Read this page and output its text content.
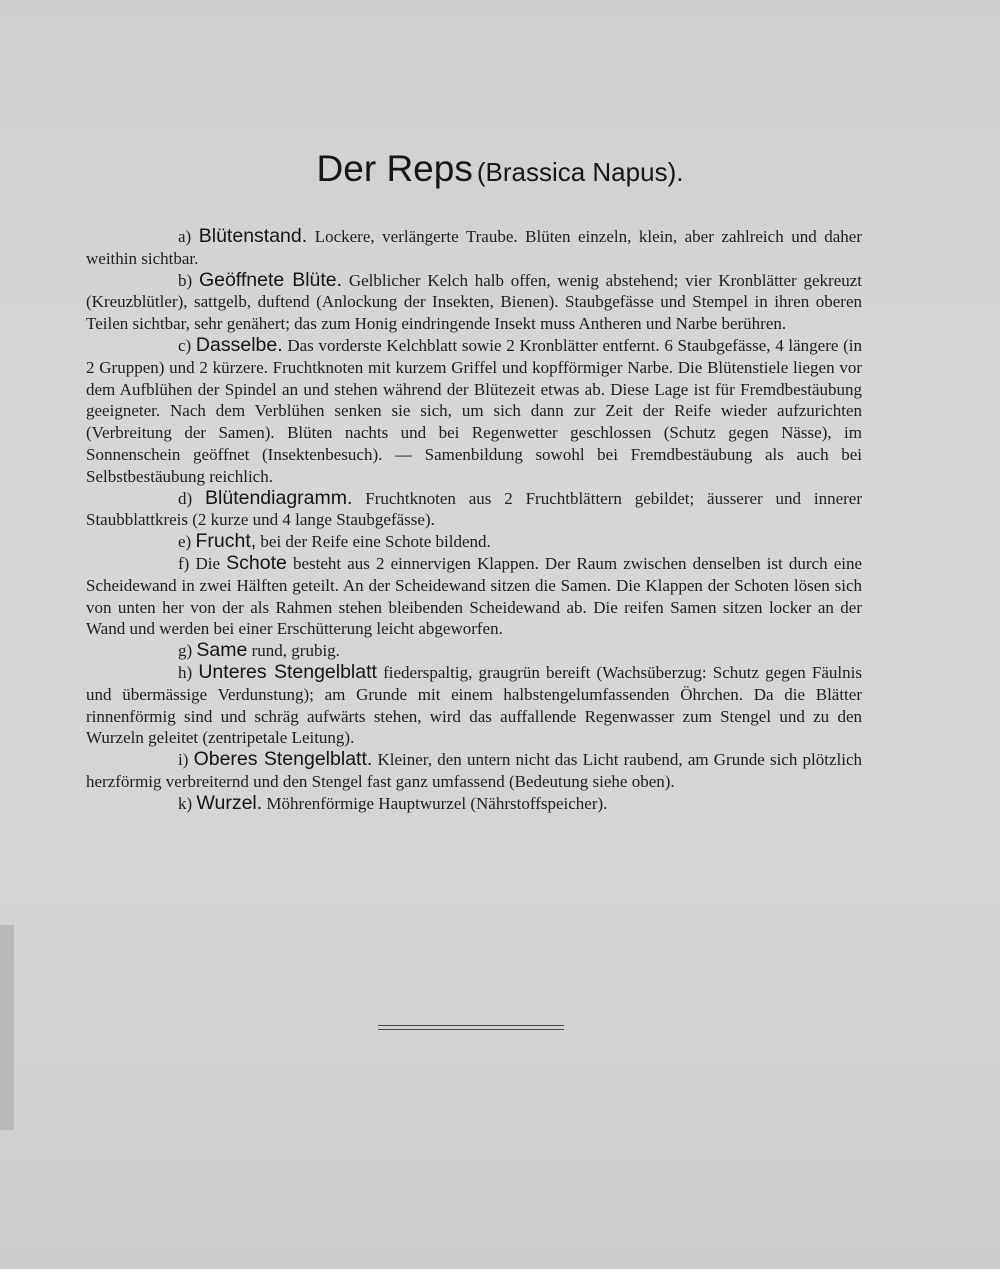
Der Reps (Brassica Napus).

a) Blütenstand. Lockere, verlängerte Traube. Blüten einzeln, klein, aber zahlreich und daher weithin sichtbar.

b) Geöffnete Blüte. Gelblicher Kelch halb offen, wenig abstehend; vier Kronblätter gekreuzt (Kreuzblütler), sattgelb, duftend (Anlockung der Insekten, Bienen). Staubgefässe und Stempel in ihren oberen Teilen sichtbar, sehr genähert; das zum Honig eindringende Insekt muss Antheren und Narbe berühren.

c) Dasselbe. Das vorderste Kelchblatt sowie 2 Kronblätter entfernt. 6 Staubgefässe, 4 längere (in 2 Gruppen) und 2 kürzere. Fruchtknoten mit kurzem Griffel und kopfförmiger Narbe. Die Blütenstiele liegen vor dem Aufblühen der Spindel an und stehen während der Blütezeit etwas ab. Diese Lage ist für Fremdbestäubung geeigneter. Nach dem Verblühen senken sie sich, um sich dann zur Zeit der Reife wieder aufzurichten (Verbreitung der Samen). Blüten nachts und bei Regenwetter geschlossen (Schutz gegen Nässe), im Sonnenschein geöffnet (Insektenbesuch). — Samenbildung sowohl bei Fremdbestäubung als auch bei Selbstbestäubung reichlich.

d) Blütendiagramm. Fruchtknoten aus 2 Fruchtblättern gebildet; äusserer und innerer Staubblattkreis (2 kurze und 4 lange Staubgefässe).

e) Frucht, bei der Reife eine Schote bildend.

f) Die Schote besteht aus 2 einnervigen Klappen. Der Raum zwischen denselben ist durch eine Scheidewand in zwei Hälften geteilt. An der Scheidewand sitzen die Samen. Die Klappen der Schoten lösen sich von unten her von der als Rahmen stehen bleibenden Scheidewand ab. Die reifen Samen sitzen locker an der Wand und werden bei einer Erschütterung leicht abgeworfen.

g) Same rund, grubig.

h) Unteres Stengelblatt fiederspaltig, graugrün bereift (Wachsüberzug: Schutz gegen Fäulnis und übermässige Verdunstung); am Grunde mit einem halbstengelumfassenden Öhrchen. Da die Blätter rinnenförmig sind und schräg aufwärts stehen, wird das auffallende Regenwasser zum Stengel und zu den Wurzeln geleitet (zentripetale Leitung).

i) Oberes Stengelblatt. Kleiner, den untern nicht das Licht raubend, am Grunde sich plötzlich herzförmig verbreiternd und den Stengel fast ganz umfassend (Bedeutung siehe oben).

k) Wurzel. Möhrenförmige Hauptwurzel (Nährstoffspeicher).
